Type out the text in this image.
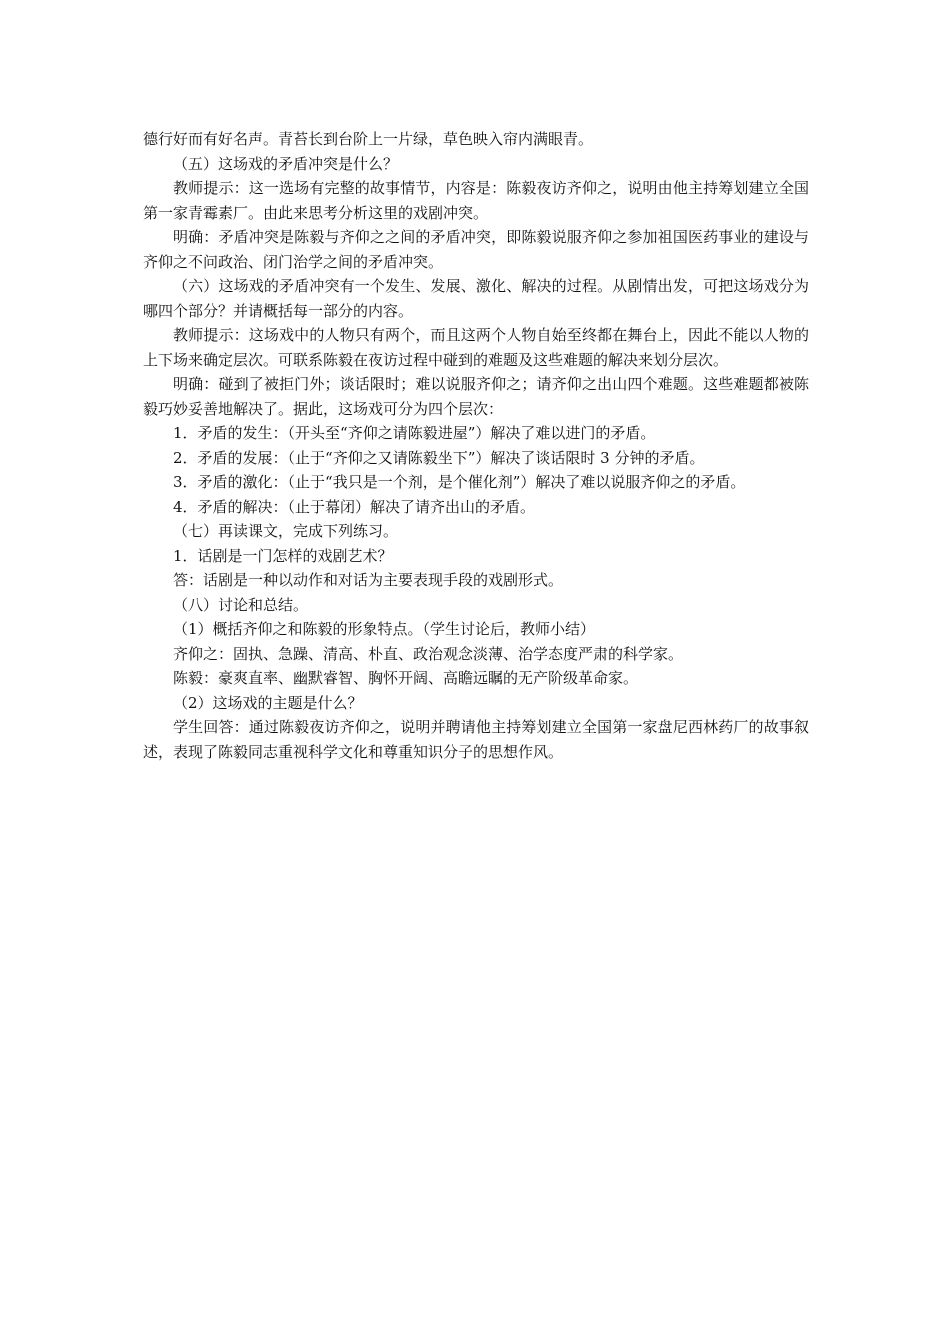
德行好而有好名声。青苔长到台阶上一片绿，草色映入帘内满眼青。

（五）这场戏的矛盾冲突是什么？

教师提示：这一选场有完整的故事情节，内容是：陈毅夜访齐仰之，说明由他主持筹划建立全国第一家青霉素厂。由此来思考分析这里的戏剧冲突。

明确：矛盾冲突是陈毅与齐仰之之间的矛盾冲突，即陈毅说服齐仰之参加祖国医药事业的建设与齐仰之不问政治、闭门治学之间的矛盾冲突。

（六）这场戏的矛盾冲突有一个发生、发展、激化、解决的过程。从剧情出发，可把这场戏分为哪四个部分？并请概括每一部分的内容。

教师提示：这场戏中的人物只有两个，而且这两个人物自始至终都在舞台上，因此不能以人物的上下场来确定层次。可联系陈毅在夜访过程中碰到的难题及这些难题的解决来划分层次。

明确：碰到了被拒门外；谈话限时；难以说服齐仰之；请齐仰之出山四个难题。这些难题都被陈毅巧妙妥善地解决了。据此，这场戏可分为四个层次：

1．矛盾的发生：（开头至“齐仰之请陈毅进屋”）解决了难以进门的矛盾。

2．矛盾的发展：（止于“齐仰之又请陈毅坐下”）解决了谈话限时 3 分钟的矛盾。

3．矛盾的激化：（止于“我只是一个剂，是个催化剂”）解决了难以说服齐仰之的矛盾。

4．矛盾的解决：（止于幕闭）解决了请齐出山的矛盾。

（七）再读课文，完成下列练习。

1．话剧是一门怎样的戏剧艺术？

答：话剧是一种以动作和对话为主要表现手段的戏剧形式。

（八）讨论和总结。

（1）概括齐仰之和陈毅的形象特点。（学生讨论后，教师小结）

齐仰之：固执、急躁、清高、朴直、政治观念淡薄、治学态度严肃的科学家。

陈毅：豪爽直率、幽默睿智、胸怀开阔、高瞻远瞩的无产阶级革命家。

（2）这场戏的主题是什么？

学生回答：通过陈毅夜访齐仰之，说明并聘请他主持筹划建立全国第一家盘尼西林药厂的故事叙述，表现了陈毅同志重视科学文化和尊重知识分子的思想作风。
